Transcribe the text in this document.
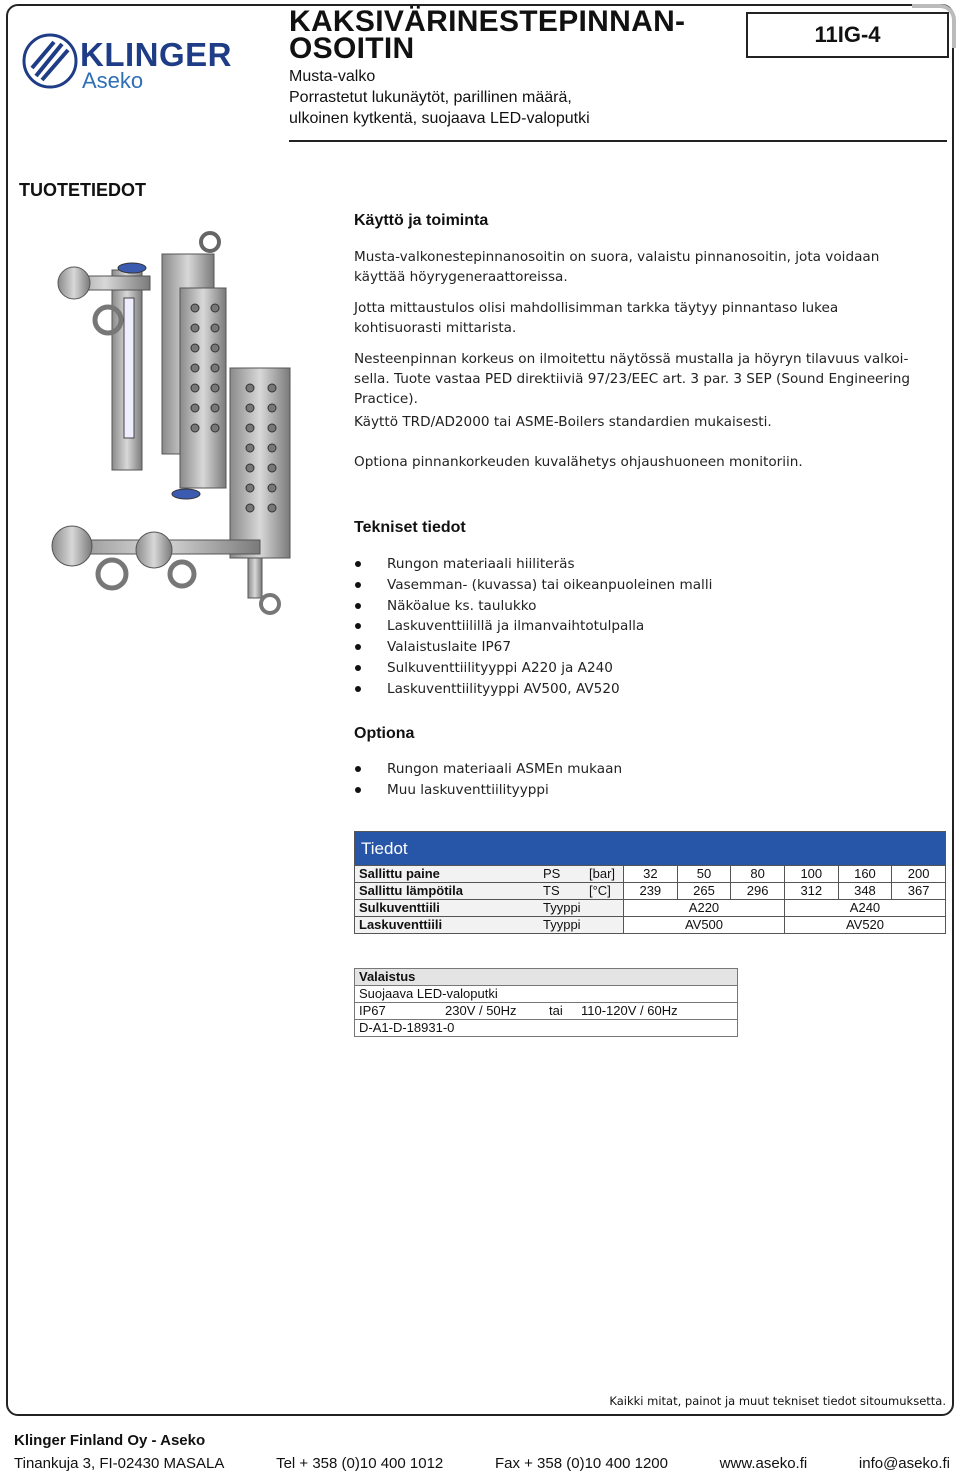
KLINGER
Aseko
KAKSIVÄRINESTEPINNAN-
OSOITIN
Musta-valko
Porrastetut lukunäytöt, parillinen määrä,
ulkoinen kytkentä, suojaava LED-valoputki
11IG-4
TUOTETIEDOT
Käyttö ja toiminta
Musta-valkonestepinnanosoitin on suora, valaistu pinnanosoitin, jota voidaan käyttää höyrygeneraattoreissa.
Jotta mittaustulos olisi mahdollisimman tarkka täytyy pinnantaso lukea kohtisuorasti mittarista.
Nesteenpinnan korkeus on ilmoitettu näytössä mustalla ja höyryn tilavuus valkoi-sella. Tuote vastaa PED direktiiviä 97/23/EEC art. 3 par. 3 SEP (Sound Engineering Practice).
Käyttö TRD/AD2000 tai ASME-Boilers standardien mukaisesti.
Optiona pinnankorkeuden kuvalähetys ohjaushuoneen monitoriin.
Tekniset tiedot
Rungon materiaali hiiliteräs
Vasemman- (kuvassa) tai oikeanpuoleinen malli
Näköalue ks. taulukko
Laskuventtiilillä ja ilmanvaihtotulpalla
Valaistuslaite IP67
Sulkuventtiilityyppi A220 ja A240
Laskuventtiilityyppi AV500, AV520
Optiona
Rungon materiaali ASMEn mukaan
Muu laskuventtiilityyppi
Tiedot								
Sallittu paine	PS	[bar]	32	50	80	100	160	200
Sallittu lämpötila	TS	[°C]	239	265	296	312	348	367
Sulkuventtiili	Tyyppi		A220			A240		
Laskuventtiili	Tyyppi		AV500			AV520		
Valaistus
Suojaava LED-valoputki
IP67	230V / 50Hz tai 110-120V / 60Hz
D-A1-D-18931-0
Kaikki mitat, painot ja muut tekniset tiedot sitoumuksetta.
Klinger Finland Oy - Aseko
Tinankuja 3, FI-02430 MASALA	Tel + 358 (0)10 400 1012	Fax + 358 (0)10 400 1200	www.aseko.fi	info@aseko.fi
